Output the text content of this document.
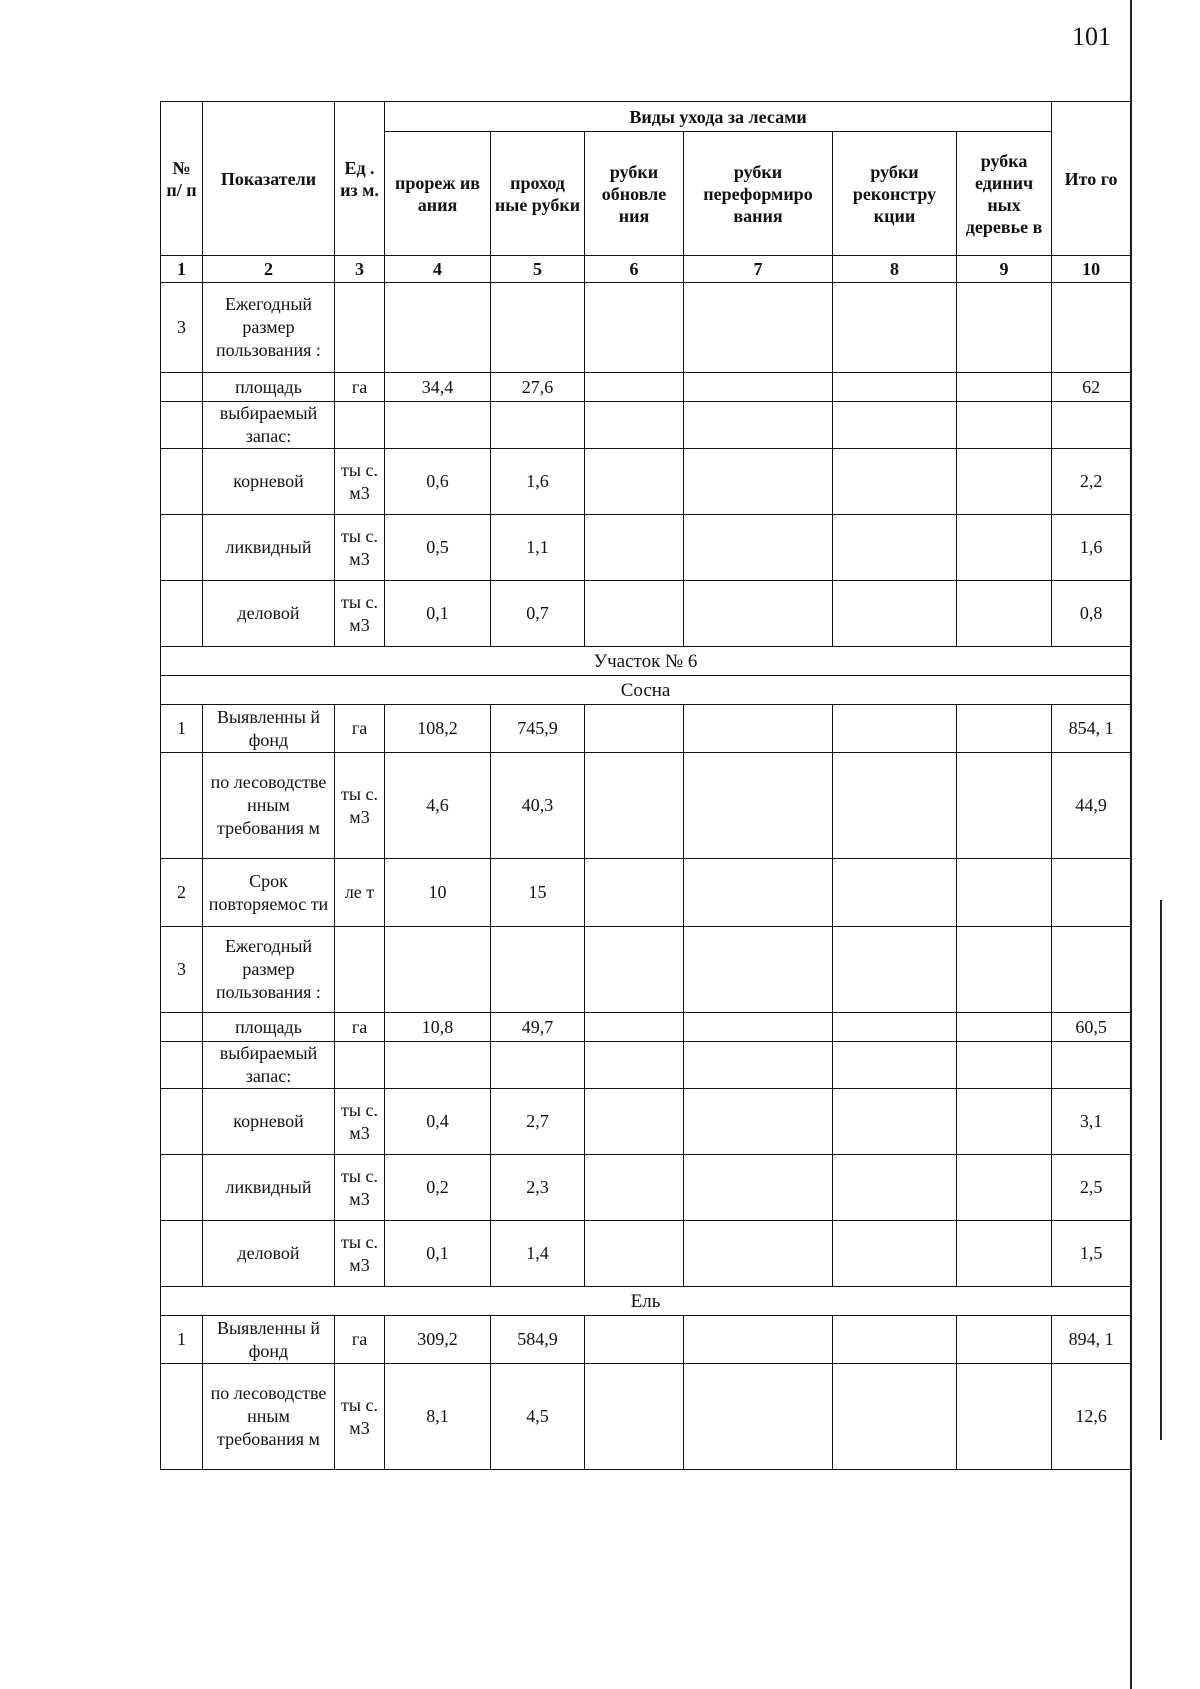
101
№ п/ п	Показатели	Ед . из м.	Виды ухода за лесами						Ито го
			прореж ив ания	проход ные рубки	рубки обновле ния	рубки переформиро вания	рубки реконстру кции	рубка единич ных деревье в	
1	2	3	4	5	6	7	8	9	10
3	Ежегодный размер пользования :								
	площадь	га	34,4	27,6					62
	выбираемый запас:								
	корневой	ты с. м3	0,6	1,6					2,2
	ликвидный	ты с. м3	0,5	1,1					1,6
	деловой	ты с. м3	0,1	0,7					0,8
Участок № 6									
Сосна									
1	Выявленны й фонд	га	108,2	745,9					854, 1
	по лесоводстве нным требования м	ты с. м3	4,6	40,3					44,9
2	Срок повторяемос ти	ле т	10	15					
3	Ежегодный размер пользования :								
	площадь	га	10,8	49,7					60,5
	выбираемый запас:								
	корневой	ты с. м3	0,4	2,7					3,1
	ликвидный	ты с. м3	0,2	2,3					2,5
	деловой	ты с. м3	0,1	1,4					1,5
Ель									
1	Выявленны й фонд	га	309,2	584,9					894, 1
	по лесоводстве нным требования м	ты с. м3	8,1	4,5					12,6
